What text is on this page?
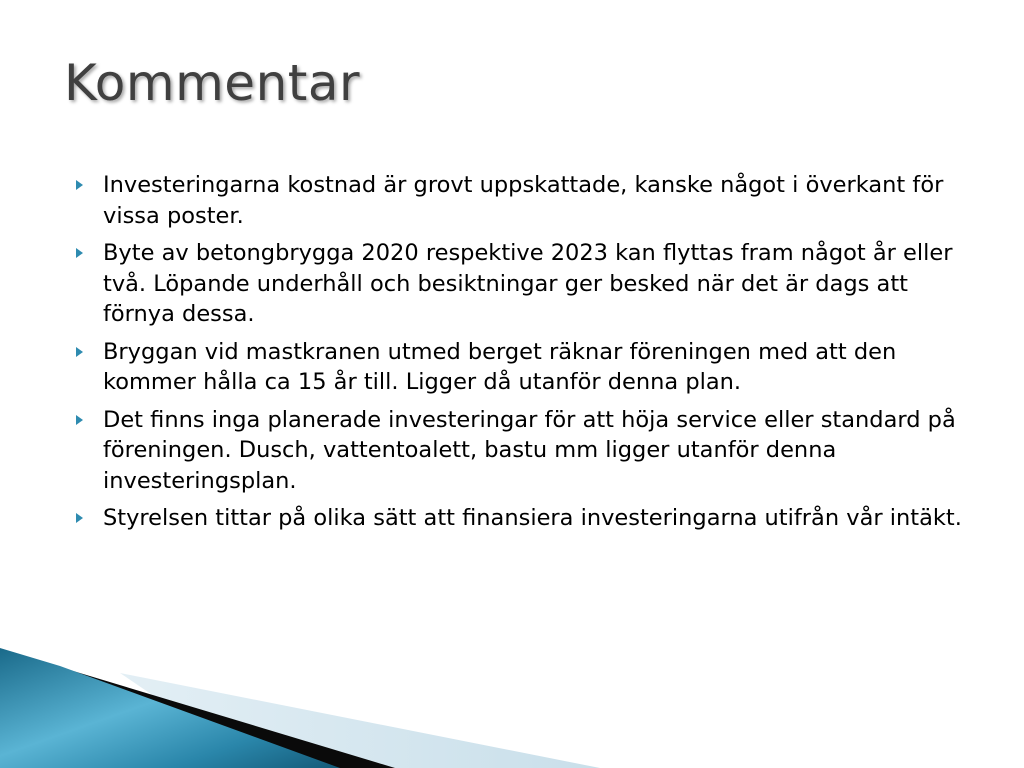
Kommentar
Investeringarna kostnad är grovt uppskattade, kanske något i överkant för vissa poster.
Byte av betongbrygga 2020 respektive 2023 kan flyttas fram något år eller två. Löpande underhåll och besiktningar ger besked när det är dags att förnya dessa.
Bryggan vid mastkranen utmed berget räknar föreningen med att den kommer hålla ca 15 år till. Ligger då utanför denna plan.
Det finns inga planerade investeringar för att höja service eller standard på föreningen. Dusch, vattentoalett, bastu mm ligger utanför denna investeringsplan.
Styrelsen tittar på olika sätt att finansiera investeringarna utifrån vår intäkt.
